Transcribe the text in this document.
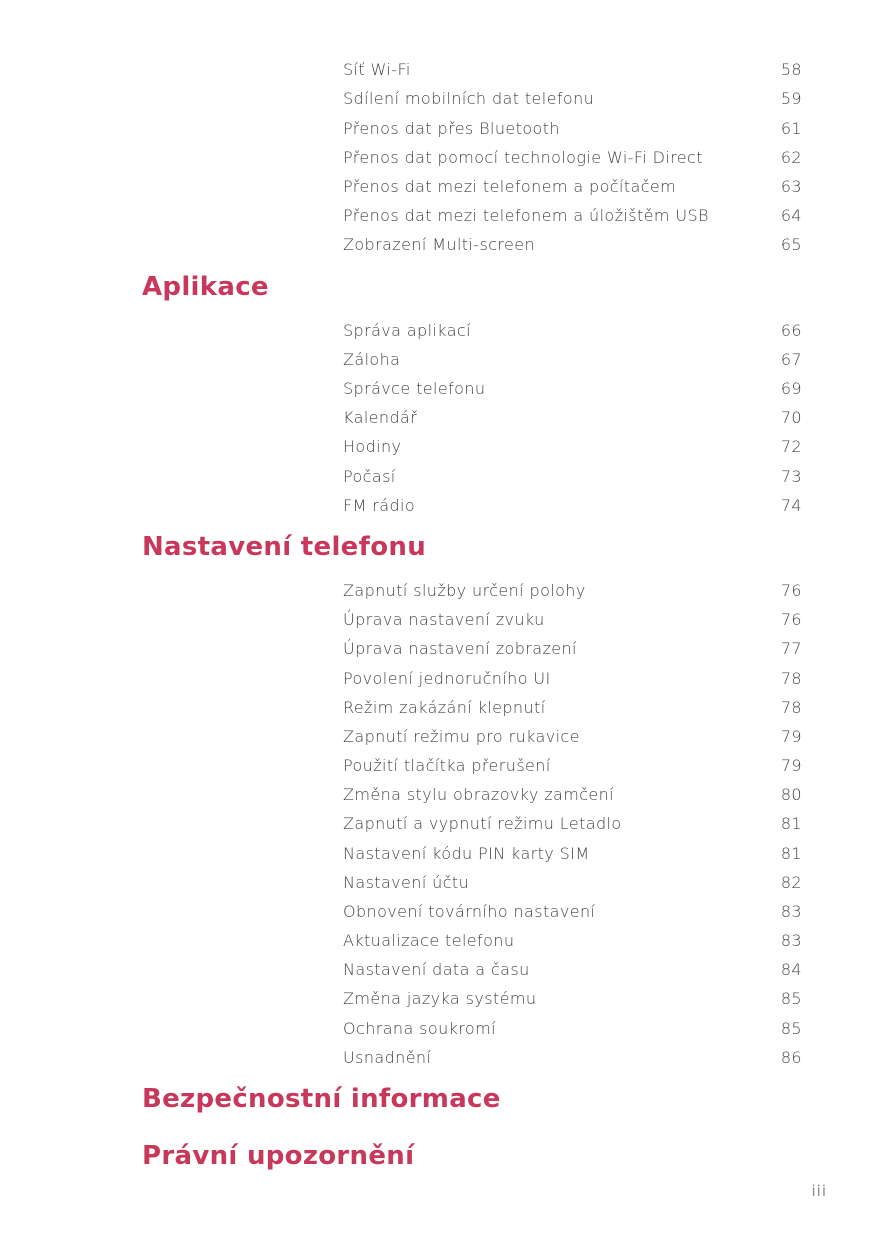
Síť Wi-Fi	58
Sdílení mobilních dat telefonu	59
Přenos dat přes Bluetooth	61
Přenos dat pomocí technologie Wi-Fi Direct	62
Přenos dat mezi telefonem a počítačem	63
Přenos dat mezi telefonem a úložištěm USB	64
Zobrazení Multi-screen	65
Aplikace
Správa aplikací	66
Záloha	67
Správce telefonu	69
Kalendář	70
Hodiny	72
Počasí	73
FM rádio	74
Nastavení telefonu
Zapnutí služby určení polohy	76
Úprava nastavení zvuku	76
Úprava nastavení zobrazení	77
Povolení jednoručního UI	78
Režim zakázání klepnutí	78
Zapnutí režimu pro rukavice	79
Použití tlačítka přerušení	79
Změna stylu obrazovky zamčení	80
Zapnutí a vypnutí režimu Letadlo	81
Nastavení kódu PIN karty SIM	81
Nastavení účtu	82
Obnovení továrního nastavení	83
Aktualizace telefonu	83
Nastavení data a času	84
Změna jazyka systému	85
Ochrana soukromí	85
Usnadnění	86
Bezpečnostní informace
Právní upozornění
iii
